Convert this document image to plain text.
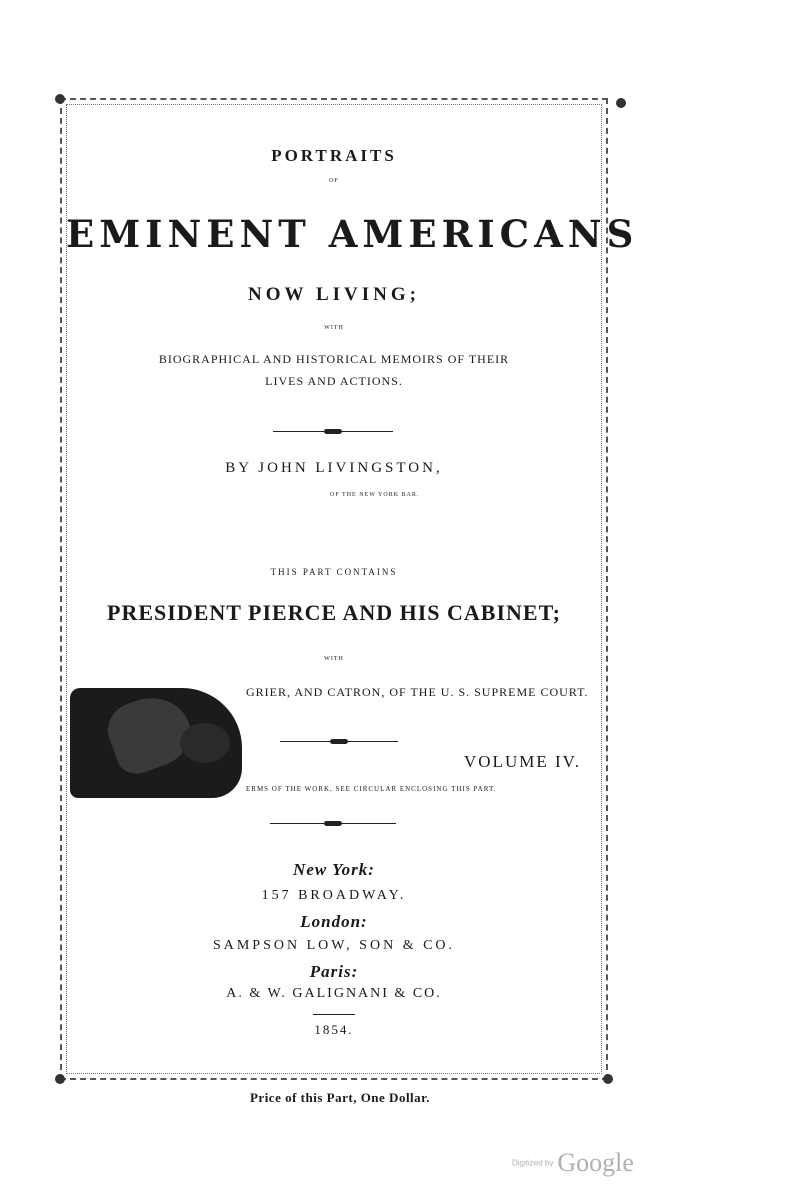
PORTRAITS
OF
EMINENT AMERICANS
NOW LIVING;
WITH
BIOGRAPHICAL AND HISTORICAL MEMOIRS OF THEIR
LIVES AND ACTIONS.
BY JOHN LIVINGSTON,
OF THE NEW YORK BAR.
THIS PART CONTAINS
PRESIDENT PIERCE AND HIS CABINET;
WITH
GRIER, AND CATRON, OF THE U. S. SUPREME COURT.
VOLUME IV.
ERMS OF THE WORK, SEE CIRCULAR ENCLOSING THIS PART.
New York:
157 BROADWAY.
London:
SAMPSON LOW, SON & CO.
Paris:
A. & W. GALIGNANI & CO.
1854.
Price of this Part, One Dollar.
Digitized by Google
